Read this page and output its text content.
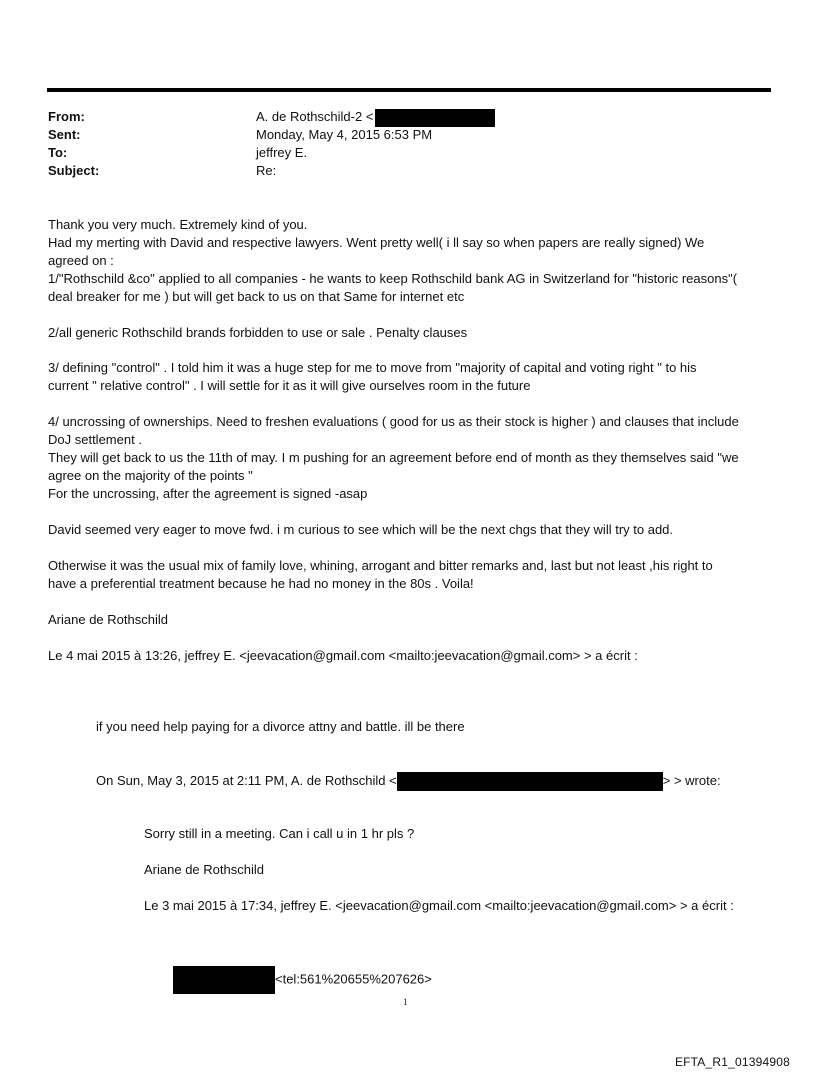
From:	A. de Rothschild-2 <
Sent:	Monday, May 4, 2015 6:53 PM
To:	jeffrey E.
Subject:	Re:
Thank you very much. Extremely kind of you.
Had my merting with David and respective lawyers. Went pretty well( i ll say so when papers are really signed) We
agreed on :
1/"Rothschild &co" applied to all companies - he wants to keep Rothschild bank AG in Switzerland for "historic reasons"(
deal breaker for me ) but will get back to us on that Same for internet etc
2/all generic Rothschild brands forbidden to use or sale . Penalty clauses
3/ defining "control" . I told him it was a huge step for me to move from "majority of capital and voting right " to his
current " relative control" . I will settle for it as it will give ourselves room in the future
4/ uncrossing of ownerships. Need to freshen evaluations ( good for us as their stock is higher ) and clauses that include
DoJ settlement .
They will get back to us the 11th of may. I m pushing for an agreement before end of month as they themselves said "we
agree on the majority of the points "
For the uncrossing, after the agreement is signed -asap
David seemed very eager to move fwd. i m curious to see which will be the next chgs that they will try to add.
Otherwise it was the usual mix of family love, whining, arrogant and bitter remarks and, last but not least ,his right to
have a preferential treatment because he had no money in the 80s . Voila!
Ariane de Rothschild
Le 4 mai 2015 à 13:26, jeffrey E. <jeevacation@gmail.com <mailto:jeevacation@gmail.com> > a écrit :
if you need help paying for a divorce attny and battle. ill be there
On Sun, May 3, 2015 at 2:11 PM, A. de Rothschild <	> > wrote:
Sorry still in a meeting. Can i call u in 1 hr pls ?
Ariane de Rothschild
Le 3 mai 2015 à 17:34, jeffrey E. <jeevacation@gmail.com <mailto:jeevacation@gmail.com> > a écrit :
<tel:561%20655%207626>
1
EFTA_R1_01394908
